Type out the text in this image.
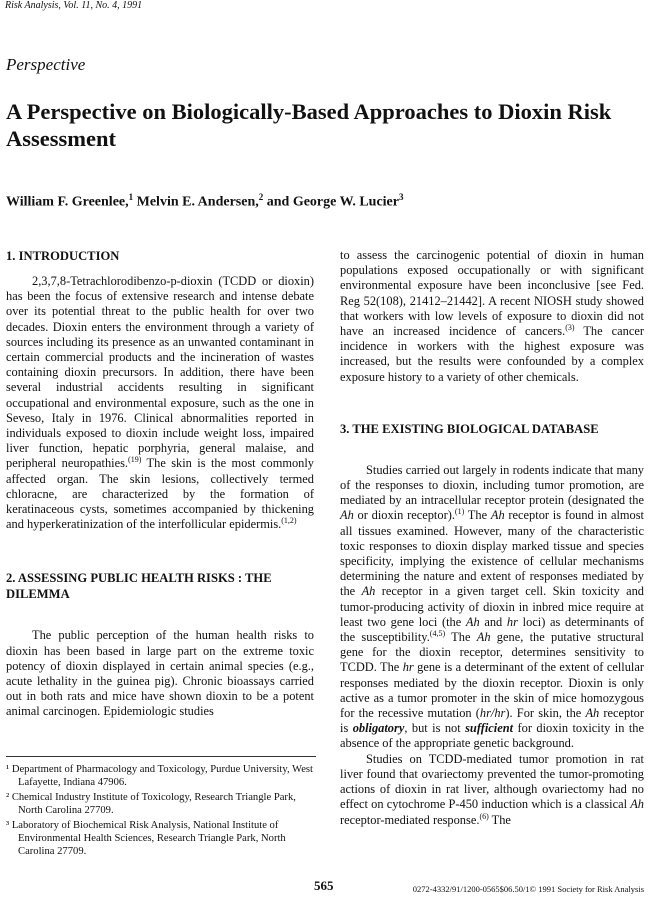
Risk Analysis, Vol. 11, No. 4, 1991
Perspective
A Perspective on Biologically-Based Approaches to Dioxin Risk Assessment
William F. Greenlee,$^1$ Melvin E. Andersen,$^2$ and George W. Lucier$^3$
1. INTRODUCTION

2,3,7,8-Tetrachlorodibenzo-p-dioxin (TCDD or dioxin) has been the focus of extensive research and intense debate over its potential threat to the public health for over two decades. Dioxin enters the environment through a variety of sources including its presence as an unwanted contaminant in certain commercial products and the incineration of wastes containing dioxin precursors. In addition, there have been several industrial accidents resulting in significant occupational and environmental exposure, such as the one in Seveso, Italy in 1976. Clinical abnormalities reported in individuals exposed to dioxin include weight loss, impaired liver function, hepatic porphyria, general malaise, and peripheral neuropathies.$^{(19)}$ The skin is the most commonly affected organ. The skin lesions, collectively termed chloracne, are characterized by the formation of keratinaceous cysts, sometimes accompanied by thickening and hyperkeratinization of the interfollicular epidermis.$^{(1,2)}$

2. ASSESSING PUBLIC HEALTH RISKS : THE DILEMMA

The public perception of the human health risks to dioxin has been based in large part on the extreme toxic potency of dioxin displayed in certain animal species (e.g., acute lethality in the guinea pig). Chronic bioassays carried out in both rats and mice have shown dioxin to be a potent animal carcinogen. Epidemiologic studies

to assess the carcinogenic potential of dioxin in human populations exposed occupationally or with significant environmental exposure have been inconclusive [see Fed. Reg 52(108), 21412–21442]. A recent NIOSH study showed that workers with low levels of exposure to dioxin did not have an increased incidence of cancers.$^{(3)}$ The cancer incidence in workers with the highest exposure was increased, but the results were confounded by a complex exposure history to a variety of other chemicals.

3. THE EXISTING BIOLOGICAL DATABASE

Studies carried out largely in rodents indicate that many of the responses to dioxin, including tumor promotion, are mediated by an intracellular receptor protein (designated the Ah or dioxin receptor).$^{(1)}$ The Ah receptor is found in almost all tissues examined. However, many of the characteristic toxic responses to dioxin display marked tissue and species specificity, implying the existence of cellular mechanisms determining the nature and extent of responses mediated by the Ah receptor in a given target cell. Skin toxicity and tumor-producing activity of dioxin in inbred mice require at least two gene loci (the Ah and hr loci) as determinants of the susceptibility.$^{(4,5)}$ The Ah gene, the putative structural gene for the dioxin receptor, determines sensitivity to TCDD. The hr gene is a determinant of the extent of cellular responses mediated by the dioxin receptor. Dioxin is only active as a tumor promoter in the skin of mice homozygous for the recessive mutation (hr/hr). For skin, the Ah receptor is obligatory, but is not sufficient for dioxin toxicity in the absence of the appropriate genetic background.

Studies on TCDD-mediated tumor promotion in rat liver found that ovariectomy prevented the tumor-promoting actions of dioxin in rat liver, although ovariectomy had no effect on cytochrome P-450 induction which is a classical Ah receptor-mediated response.$^{(6)}$ The

¹ Department of Pharmacology and Toxicology, Purdue University, West Lafayette, Indiana 47906.
² Chemical Industry Institute of Toxicology, Research Triangle Park, North Carolina 27709.
³ Laboratory of Biochemical Risk Analysis, National Institute of Environmental Health Sciences, Research Triangle Park, North Carolina 27709.
565	0272-4332/91/1200-0565$06.50/1© 1991 Society for Risk Analysis
